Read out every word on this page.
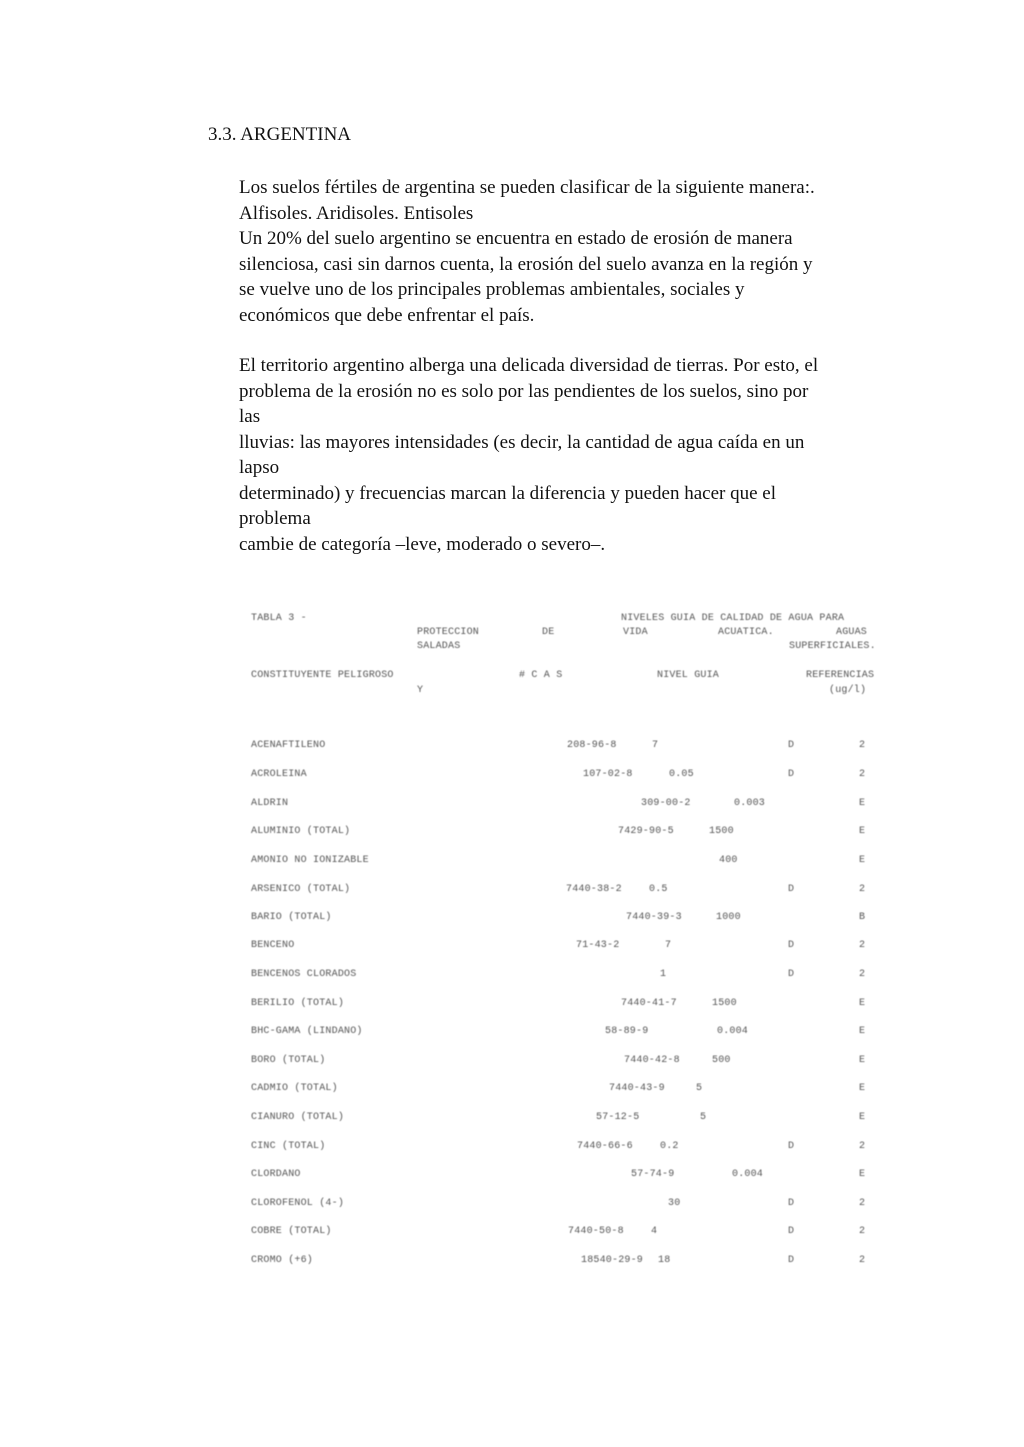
3.3. ARGENTINA
Los suelos fértiles de argentina se pueden clasificar de la siguiente manera:.
Alfisoles. Aridisoles. Entisoles
Un 20% del suelo argentino se encuentra en estado de erosión de manera
silenciosa, casi sin darnos cuenta, la erosión del suelo avanza en la región y
se vuelve uno de los principales problemas ambientales, sociales y
económicos que debe enfrentar el país.
El territorio argentino alberga una delicada diversidad de tierras. Por esto, el
problema de la erosión no es solo por las pendientes de los suelos, sino por
las
lluvias: las mayores intensidades (es decir, la cantidad de agua caída en un
lapso
determinado) y frecuencias marcan la diferencia y pueden hacer que el
problema
cambie de categoría –leve, moderado o severo–.
TABLA 3 -	NIVELES GUIA DE CALIDAD DE AGUA PARA
PROTECCION	DE	VIDA	ACUATICA.	AGUAS
SALADAS	SUPERFICIALES.
CONSTITUYENTE PELIGROSO	# C A S	NIVEL GUIA	REFERENCIAS
Y	(ug/l)
ACENAFTILENO	208-96-8	7	D	2
ACROLEINA	107-02-8	0.05	D	2
ALDRIN	309-00-2	0.003	E
ALUMINIO (TOTAL)	7429-90-5	1500	E
AMONIO NO IONIZABLE	400	E
ARSENICO (TOTAL)	7440-38-2	0.5	D	2
BARIO (TOTAL)	7440-39-3	1000	B
BENCENO	71-43-2	7	D	2
BENCENOS CLORADOS	1	D	2
BERILIO (TOTAL)	7440-41-7	1500	E
BHC-GAMA (LINDANO)	58-89-9	0.004	E
BORO (TOTAL)	7440-42-8	500	E
CADMIO (TOTAL)	7440-43-9	5	E
CIANURO (TOTAL)	57-12-5	5	E
CINC (TOTAL)	7440-66-6	0.2	D	2
CLORDANO	57-74-9	0.004	E
CLOROFENOL (4-)	30	D	2
COBRE (TOTAL)	7440-50-8	4	D	2
CROMO (+6)	18540-29-9 18	D	2
